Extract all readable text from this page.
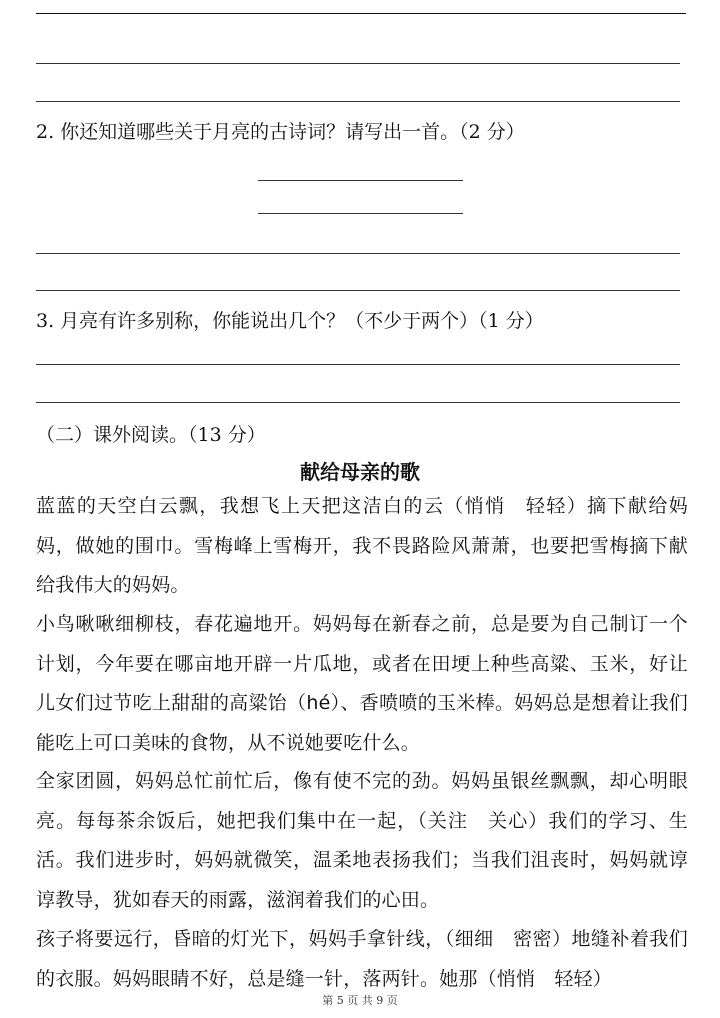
2. 你还知道哪些关于月亮的古诗词？请写出一首。（2 分）
3. 月亮有许多别称，你能说出几个？（不少于两个）（1 分）
（二）课外阅读。（13 分）
献给母亲的歌
蓝蓝的天空白云飘，我想飞上天把这洁白的云（悄悄　轻轻）摘下献给妈妈，做她的围巾。雪梅峰上雪梅开，我不畏路险风萧萧，也要把雪梅摘下献给我伟大的妈妈。
小鸟啾啾细柳枝，春花遍地开。妈妈每在新春之前，总是要为自己制订一个计划，今年要在哪亩地开辟一片瓜地，或者在田埂上种些高粱、玉米，好让儿女们过节吃上甜甜的高粱饴（hé）、香喷喷的玉米棒。妈妈总是想着让我们能吃上可口美味的食物，从不说她要吃什么。
全家团圆，妈妈总忙前忙后，像有使不完的劲。妈妈虽银丝飘飘，却心明眼亮。每每茶余饭后，她把我们集中在一起，（关注　关心）我们的学习、生活。我们进步时，妈妈就微笑，温柔地表扬我们；当我们沮丧时，妈妈就谆谆教导，犹如春天的雨露，滋润着我们的心田。
孩子将要远行，昏暗的灯光下，妈妈手拿针线，（细细　密密）地缝补着我们的衣服。妈妈眼睛不好，总是缝一针，落两针。她那（悄悄　轻轻）
第 5 页 共 9 页
